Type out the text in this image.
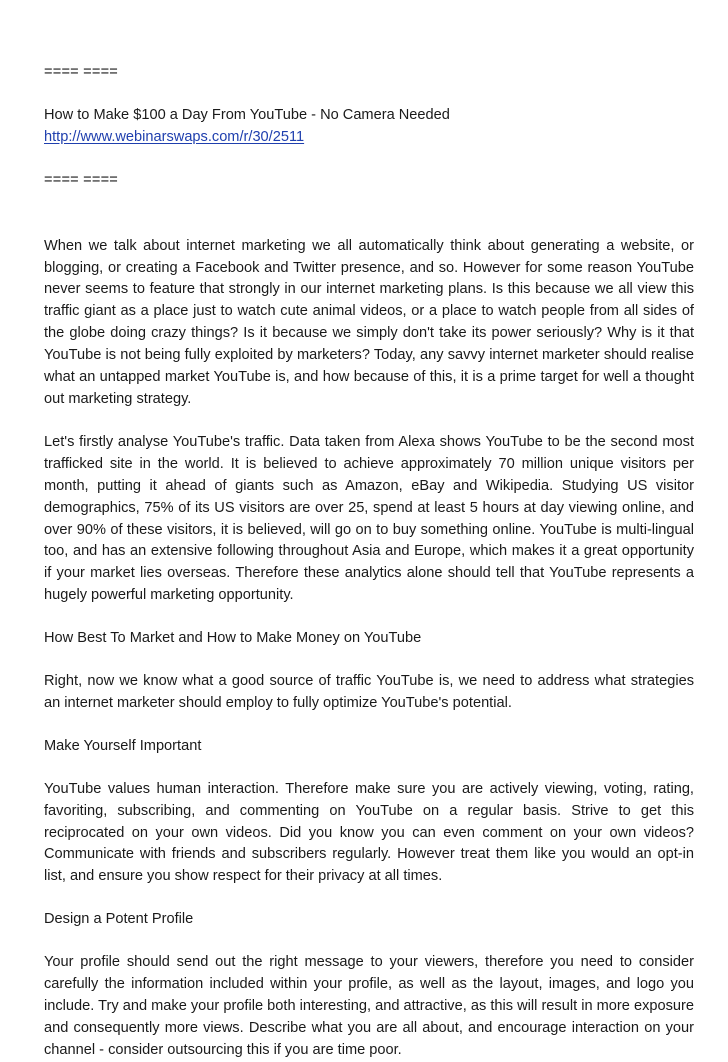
==== ====

How to Make $100 a Day From YouTube - No Camera Needed

http://www.webinarswaps.com/r/30/2511

==== ====

When we talk about internet marketing we all automatically think about generating a website, or blogging, or creating a Facebook and Twitter presence, and so. However for some reason YouTube never seems to feature that strongly in our internet marketing plans. Is this because we all view this traffic giant as a place just to watch cute animal videos, or a place to watch people from all sides of the globe doing crazy things? Is it because we simply don't take its power seriously? Why is it that YouTube is not being fully exploited by marketers? Today, any savvy internet marketer should realise what an untapped market YouTube is, and how because of this, it is a prime target for well a thought out marketing strategy.

Let's firstly analyse YouTube's traffic. Data taken from Alexa shows YouTube to be the second most trafficked site in the world. It is believed to achieve approximately 70 million unique visitors per month, putting it ahead of giants such as Amazon, eBay and Wikipedia. Studying US visitor demographics, 75% of its US visitors are over 25, spend at least 5 hours at day viewing online, and over 90% of these visitors, it is believed, will go on to buy something online. YouTube is multi-lingual too, and has an extensive following throughout Asia and Europe, which makes it a great opportunity if your market lies overseas. Therefore these analytics alone should tell that YouTube represents a hugely powerful marketing opportunity.

How Best To Market and How to Make Money on YouTube

Right, now we know what a good source of traffic YouTube is, we need to address what strategies an internet marketer should employ to fully optimize YouTube's potential.

Make Yourself Important

YouTube values human interaction. Therefore make sure you are actively viewing, voting, rating, favoriting, subscribing, and commenting on YouTube on a regular basis. Strive to get this reciprocated on your own videos. Did you know you can even comment on your own videos? Communicate with friends and subscribers regularly. However treat them like you would an opt-in list, and ensure you show respect for their privacy at all times.

Design a Potent Profile

Your profile should send out the right message to your viewers, therefore you need to consider carefully the information included within your profile, as well as the layout, images, and logo you include. Try and make your profile both interesting, and attractive, as this will result in more exposure and consequently more views. Describe what you are all about, and encourage interaction on your channel - consider outsourcing this if you are time poor.
